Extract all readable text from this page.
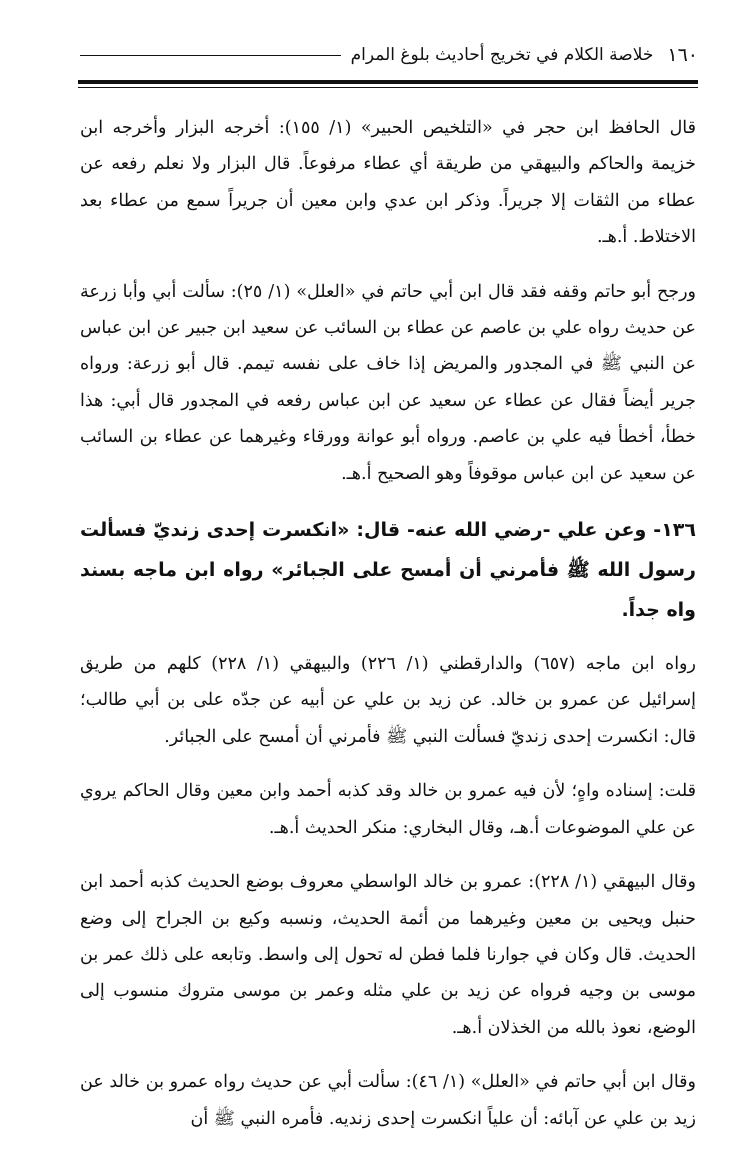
١٦٠
خلاصة الكلام في تخريج أحاديث بلوغ المرام

قال الحافظ ابن حجر في «التلخيص الحبير» (١/ ١٥٥): أخرجه البزار وأخرجه ابن خزيمة والحاكم والبيهقي من طريقة أي عطاء مرفوعاً. قال البزار ولا نعلم رفعه عن عطاء من الثقات إلا جريراً. وذكر ابن عدي وابن معين أن جريراً سمع من عطاء بعد الاختلاط. أ.هـ.

ورجح أبو حاتم وقفه فقد قال ابن أبي حاتم في «العلل» (١/ ٢٥): سألت أبي وأبا زرعة عن حديث رواه علي بن عاصم عن عطاء بن السائب عن سعيد ابن جبير عن ابن عباس عن النبي ﷺ في المجدور والمريض إذا خاف على نفسه تيمم. قال أبو زرعة: ورواه جرير أيضاً فقال عن عطاء عن سعيد عن ابن عباس رفعه في المجدور قال أبي: هذا خطأ، أخطأ فيه علي بن عاصم. ورواه أبو عوانة وورقاء وغيرهما عن عطاء بن السائب عن سعيد عن ابن عباس موقوفاً وهو الصحيح أ.هـ.

١٣٦- وعن علي -رضي الله عنه- قال: «انكسرت إحدى زنديّ فسألت رسول الله ﷺ فأمرني أن أمسح على الجبائر» رواه ابن ماجه بسند واه جداً.

رواه ابن ماجه (٦٥٧) والدارقطني (١/ ٢٢٦) والبيهقي (١/ ٢٢٨) كلهم من طريق إسرائيل عن عمرو بن خالد. عن زيد بن علي عن أبيه عن جدّه على بن أبي طالب؛ قال: انكسرت إحدى زنديّ فسألت النبي ﷺ فأمرني أن أمسح على الجبائر.

قلت: إسناده واهٍ؛ لأن فيه عمرو بن خالد وقد كذبه أحمد وابن معين وقال الحاكم يروي عن علي الموضوعات أ.هـ، وقال البخاري: منكر الحديث أ.هـ.

وقال البيهقي (١/ ٢٢٨): عمرو بن خالد الواسطي معروف بوضع الحديث كذبه أحمد ابن حنبل ويحيى بن معين وغيرهما من أئمة الحديث، ونسبه وكيع بن الجراح إلى وضع الحديث. قال وكان في جوارنا فلما فطن له تحول إلى واسط. وتابعه على ذلك عمر بن موسى بن وجيه فرواه عن زيد بن علي مثله وعمر بن موسى متروك منسوب إلى الوضع، نعوذ بالله من الخذلان أ.هـ.

وقال ابن أبي حاتم في «العلل» (١/ ٤٦): سألت أبي عن حديث رواه عمرو بن خالد عن زيد بن علي عن آبائه: أن علياً انكسرت إحدى زنديه. فأمره النبي ﷺ أن
